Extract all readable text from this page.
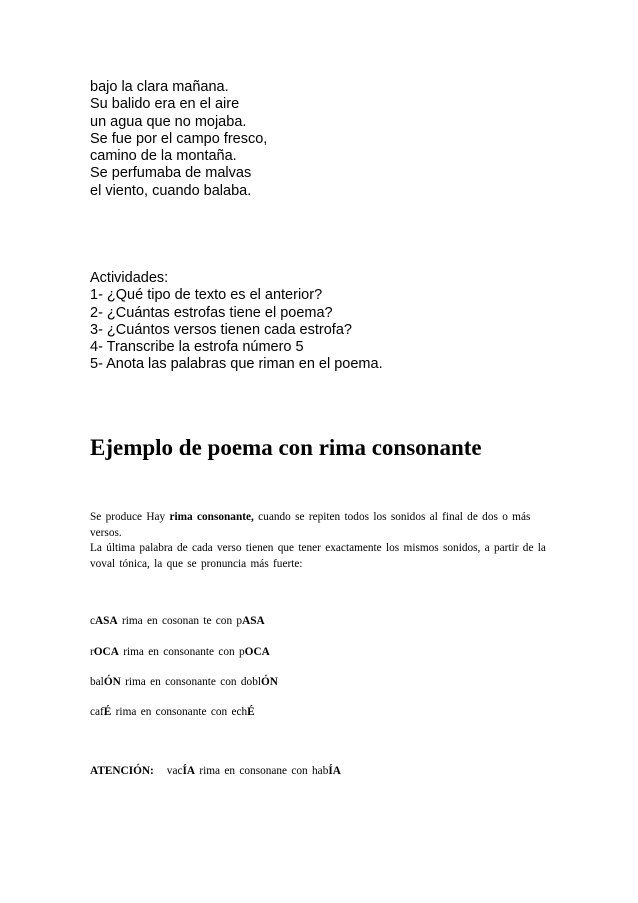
bajo la clara mañana.
Su balido era en el aire
un agua que no mojaba.
Se fue por el campo fresco,
camino de la montaña.
Se perfumaba de malvas
el viento, cuando balaba.
Actividades:
1- ¿Qué tipo de texto es el anterior?
2- ¿Cuántas estrofas tiene el poema?
3- ¿Cuántos versos tienen cada estrofa?
4- Transcribe la estrofa número 5
5- Anota las palabras que riman en el poema.
Ejemplo de poema con rima consonante

Se produce Hay rima consonante, cuando se repiten todos los sonidos al final de dos o más versos.
La última palabra de cada verso tienen que tener exactamente los mismos sonidos, a partir de la voval tónica, la que se pronuncia más fuerte:

cASA rima en cosonan te con pASA

rOCA rima en consonante con pOCA

balÓN rima en consonante con doblÓN

cafÉ rima en consonante con echÉ

ATENCIÓN: vacÍA rima en consonane con habÍA
